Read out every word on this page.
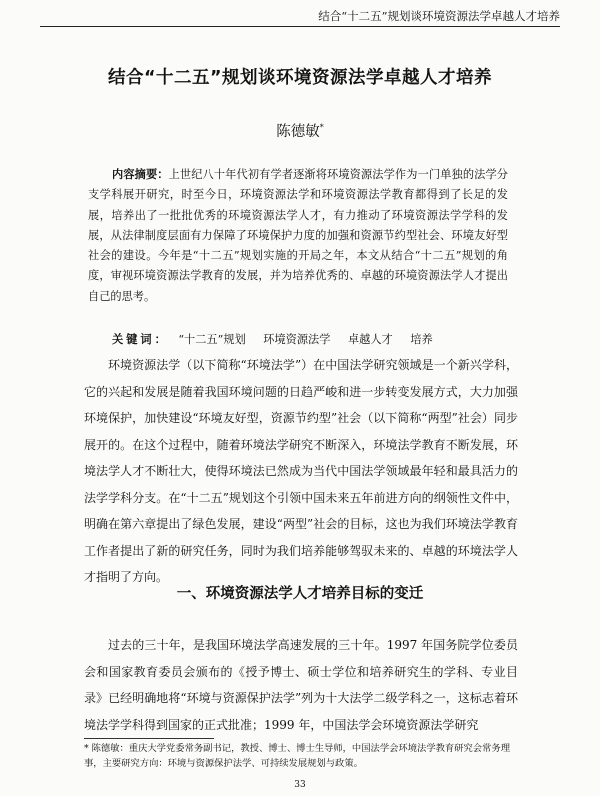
结合“十二五”规划谈环境资源法学卓越人才培养
结合“十二五”规划谈环境资源法学卓越人才培养
陈德敏*
内容摘要：上世纪八十年代初有学者逐渐将环境资源法学作为一门单独的法学分支学科展开研究，时至今日，环境资源法学和环境资源法学教育都得到了长足的发展，培养出了一批批优秀的环境资源法学人才，有力推动了环境资源法学学科的发展，从法律制度层面有力保障了环境保护力度的加强和资源节约型社会、环境友好型社会的建设。今年是“十二五”规划实施的开局之年，本文从结合“十二五”规划的角度，审视环境资源法学教育的发展，并为培养优秀的、卓越的环境资源法学人才提出自己的思考。
关键词： “十二五”规划 环境资源法学 卓越人才 培养
环境资源法学（以下简称“环境法学”）在中国法学研究领域是一个新兴学科，它的兴起和发展是随着我国环境问题的日趋严峻和进一步转变发展方式，大力加强环境保护，加快建设“环境友好型，资源节约型”社会（以下简称“两型”社会）同步展开的。在这个过程中，随着环境法学研究不断深入，环境法学教育不断发展，环境法学人才不断壮大，使得环境法已然成为当代中国法学领域最年轻和最具活力的法学学科分支。在“十二五”规划这个引领中国未来五年前进方向的纲领性文件中，明确在第六章提出了绿色发展，建设“两型”社会的目标，这也为我们环境法学教育工作者提出了新的研究任务，同时为我们培养能够驾驭未来的、卓越的环境法学人才指明了方向。
一、环境资源法学人才培养目标的变迁
过去的三十年，是我国环境法学高速发展的三十年。1997 年国务院学位委员会和国家教育委员会颁布的《授予博士、硕士学位和培养研究生的学科、专业目录》已经明确地将“环境与资源保护法学”列为十大法学二级学科之一，这标志着环境法学学科得到国家的正式批准；1999 年，中国法学会环境资源法学研究
* 陈德敏：重庆大学党委常务副书记，教授、博士、博士生导师，中国法学会环境法学教育研究会常务理事，主要研究方向：环境与资源保护法学、可持续发展规划与政策。
33
